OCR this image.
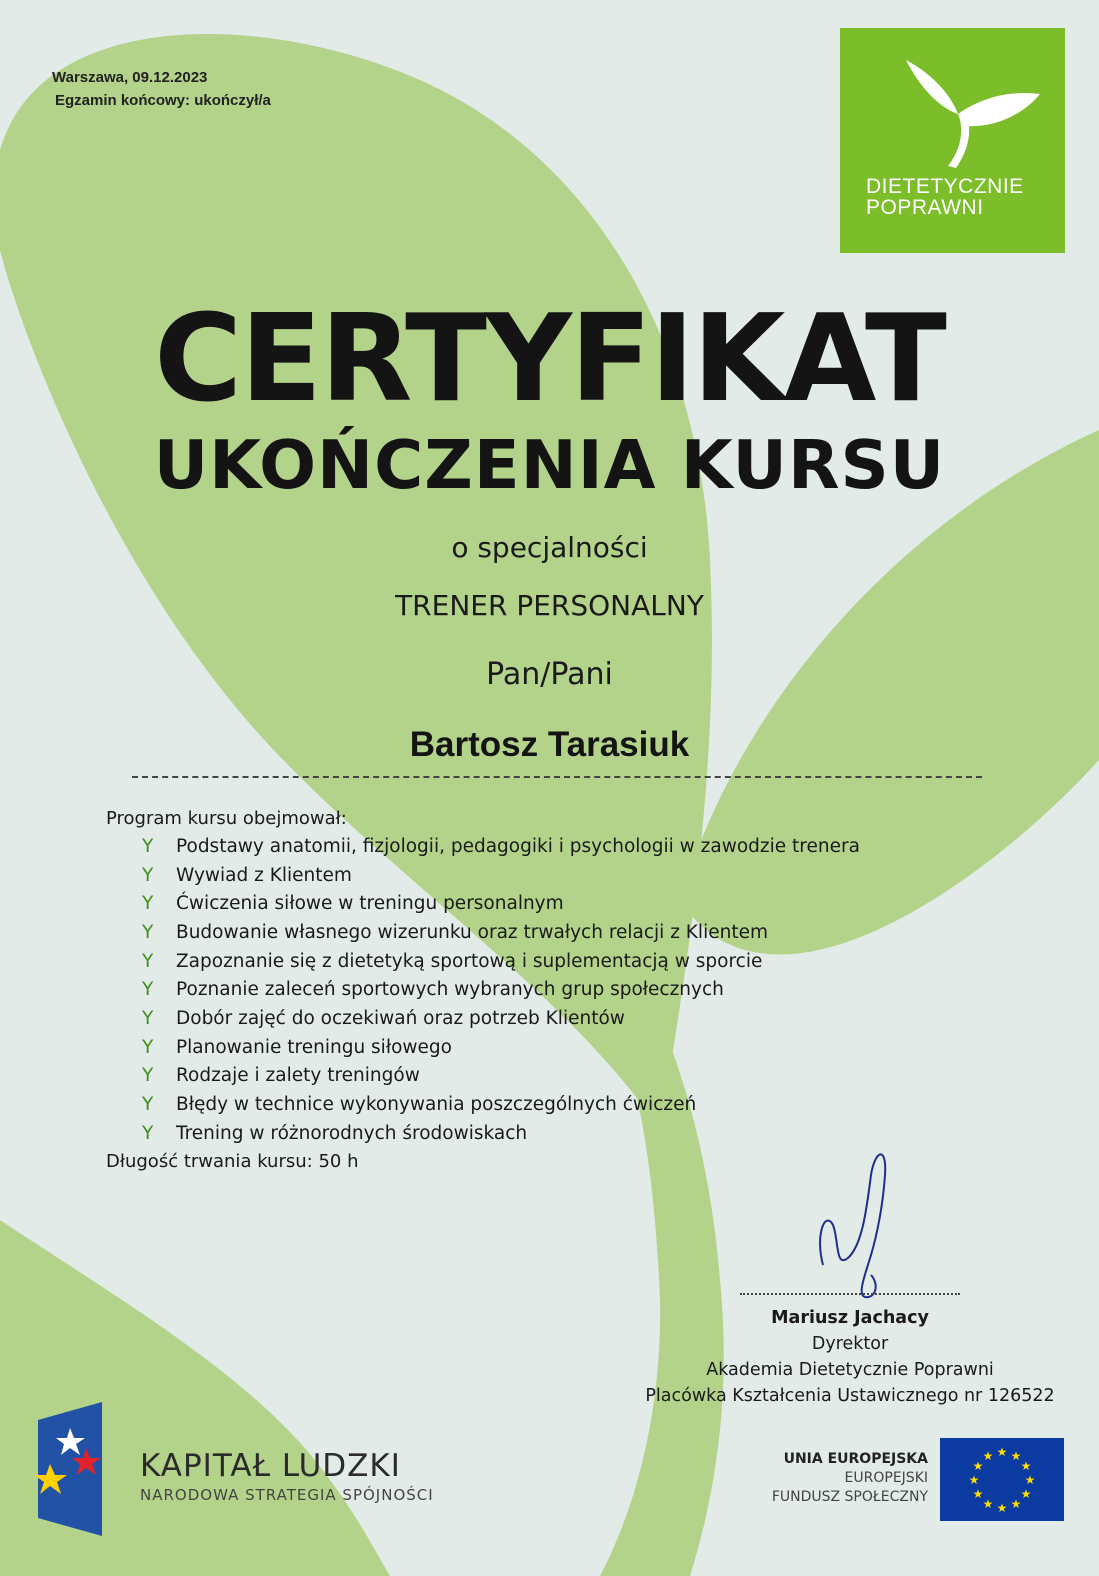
Warszawa, 09.12.2023
Egzamin końcowy: ukończył/a
DIETETYCZNIE
POPRAWNI
CERTYFIKAT
UKOŃCZENIA KURSU
o specjalności
TRENER PERSONALNY
Pan/Pani
Bartosz Tarasiuk
Program kursu obejmował:
Y	Podstawy anatomii, fizjologii, pedagogiki i psychologii w zawodzie trenera
Y	Wywiad z Klientem
Y	Ćwiczenia siłowe w treningu personalnym
Y	Budowanie własnego wizerunku oraz trwałych relacji z Klientem
Y	Zapoznanie się z dietetyką sportową i suplementacją w sporcie
Y	Poznanie zaleceń sportowych wybranych grup społecznych
Y	Dobór zajęć do oczekiwań oraz potrzeb Klientów
Y	Planowanie treningu siłowego
Y	Rodzaje i zalety treningów
Y	Błędy w technice wykonywania poszczególnych ćwiczeń
Y	Trening w różnorodnych środowiskach
Długość trwania kursu: 50 h
Mariusz Jachacy
Dyrektor
Akademia Dietetycznie Poprawni
Placówka Kształcenia Ustawicznego nr 126522
KAPITAŁ LUDZKI
NARODOWA STRATEGIA SPÓJNOŚCI
UNIA EUROPEJSKA
EUROPEJSKI
FUNDUSZ SPOŁECZNY
★ ★
★
★
★
★
★
★
★
★
★
★
